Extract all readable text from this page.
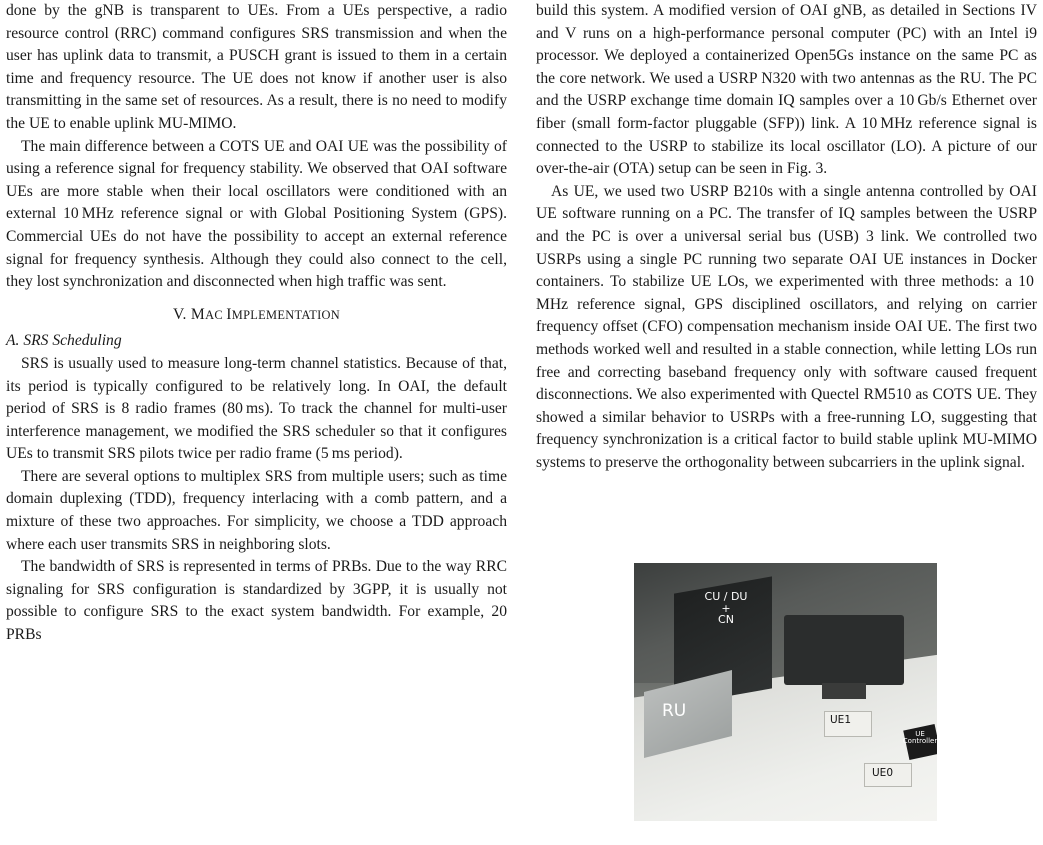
done by the gNB is transparent to UEs. From a UEs perspective, a radio resource control (RRC) command configures SRS transmission and when the user has uplink data to transmit, a PUSCH grant is issued to them in a certain time and frequency resource. The UE does not know if another user is also transmitting in the same set of resources. As a result, there is no need to modify the UE to enable uplink MU-MIMO.

The main difference between a COTS UE and OAI UE was the possibility of using a reference signal for frequency stability. We observed that OAI software UEs are more stable when their local oscillators were conditioned with an external 10 MHz reference signal or with Global Positioning System (GPS). Commercial UEs do not have the possibility to accept an external reference signal for frequency synthesis. Although they could also connect to the cell, they lost synchronization and disconnected when high traffic was sent.

V. MAC IMPLEMENTATION

A. SRS Scheduling

SRS is usually used to measure long-term channel statistics. Because of that, its period is typically configured to be relatively long. In OAI, the default period of SRS is 8 radio frames (80 ms). To track the channel for multi-user interference management, we modified the SRS scheduler so that it configures UEs to transmit SRS pilots twice per radio frame (5 ms period).

There are several options to multiplex SRS from multiple users; such as time domain duplexing (TDD), frequency interlacing with a comb pattern, and a mixture of these two approaches. For simplicity, we choose a TDD approach where each user transmits SRS in neighboring slots.

The bandwidth of SRS is represented in terms of PRBs. Due to the way RRC signaling for SRS configuration is standardized by 3GPP, it is usually not possible to configure SRS to the exact system bandwidth. For example, 20 PRBs

build this system. A modified version of OAI gNB, as detailed in Sections IV and V runs on a high-performance personal computer (PC) with an Intel i9 processor. We deployed a containerized Open5Gs instance on the same PC as the core network. We used a USRP N320 with two antennas as the RU. The PC and the USRP exchange time domain IQ samples over a 10 Gb/s Ethernet over fiber (small form-factor pluggable (SFP)) link. A 10 MHz reference signal is connected to the USRP to stabilize its local oscillator (LO). A picture of our over-the-air (OTA) setup can be seen in Fig. 3.

As UE, we used two USRP B210s with a single antenna controlled by OAI UE software running on a PC. The transfer of IQ samples between the USRP and the PC is over a universal serial bus (USB) 3 link. We controlled two USRPs using a single PC running two separate OAI UE instances in Docker containers. To stabilize UE LOs, we experimented with three methods: a 10 MHz reference signal, GPS disciplined oscillators, and relying on carrier frequency offset (CFO) compensation mechanism inside OAI UE. The first two methods worked well and resulted in a stable connection, while letting LOs run free and correcting baseband frequency only with software caused frequent disconnections. We also experimented with Quectel RM510 as COTS UE. They showed a similar behavior to USRPs with a free-running LO, suggesting that frequency synchronization is a critical factor to build stable uplink MU-MIMO systems to preserve the orthogonality between subcarriers in the uplink signal.

CU / DU
+
CN
RU	UE1
UE0
UE
Controller
